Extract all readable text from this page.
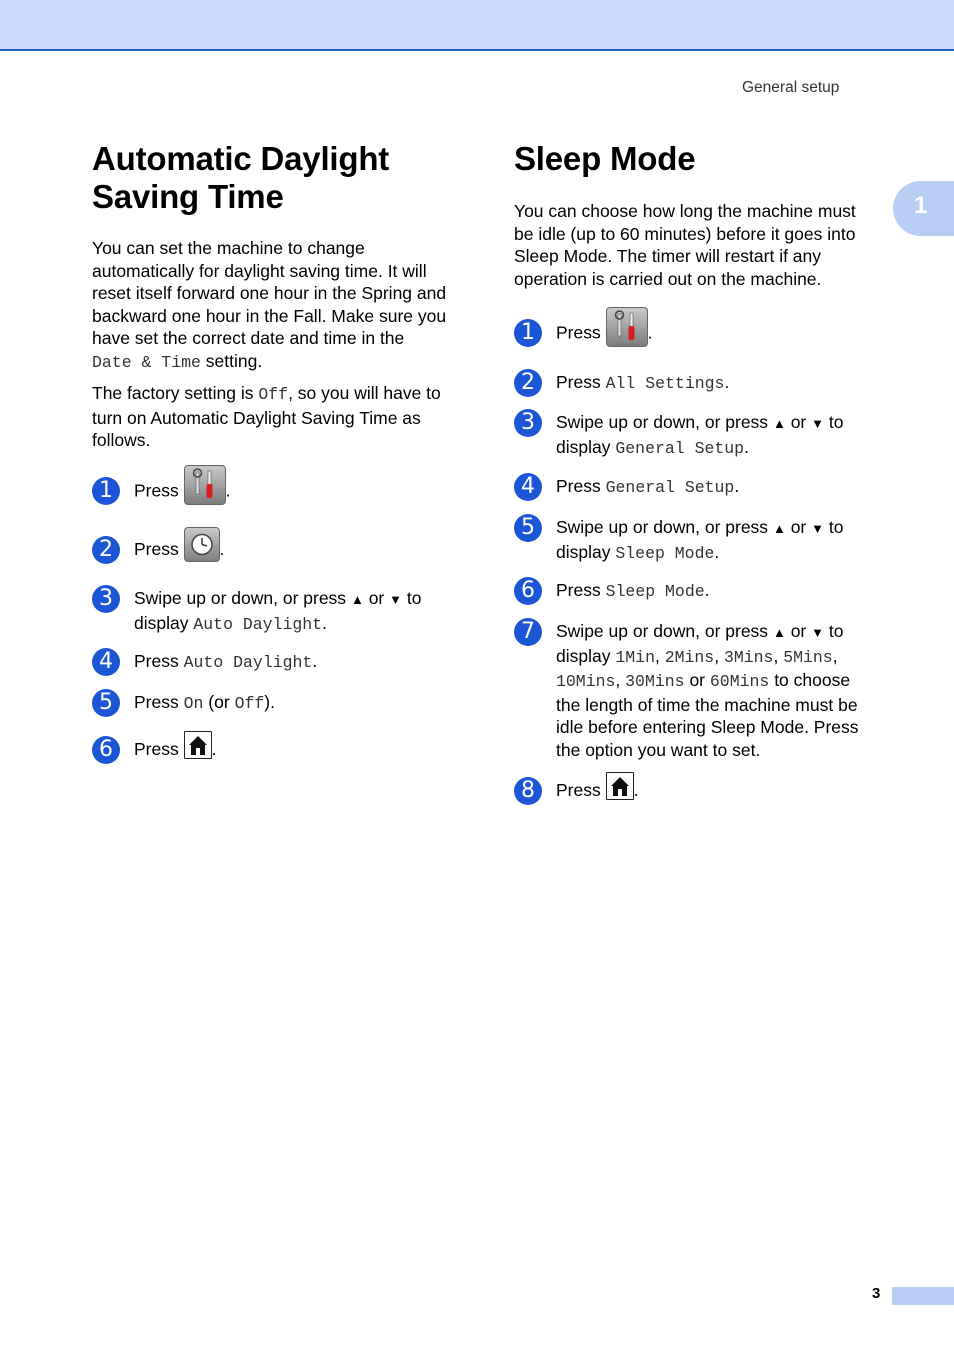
General setup
1
Automatic Daylight
Saving Time

You can set the machine to change
automatically for daylight saving time. It will
reset itself forward one hour in the Spring and
backward one hour in the Fall. Make sure you
have set the correct date and time in the
Date & Time setting.

The factory setting is Off, so you will have to
turn on Automatic Daylight Saving Time as
follows.

1	Press	.
2	Press .
3	Swipe up or down, or press ▲ or ▼ to
display Auto Daylight.
4	Press Auto Daylight.
5	Press On (or Off).
6	Press .
Sleep Mode

You can choose how long the machine must
be idle (up to 60 minutes) before it goes into
Sleep Mode. The timer will restart if any
operation is carried out on the machine.

1	Press	.
2	Press All Settings.
3	Swipe up or down, or press ▲ or ▼ to
display General Setup.
4	Press General Setup.
5	Swipe up or down, or press ▲ or ▼ to
display Sleep Mode.
6	Press Sleep Mode.
7	Swipe up or down, or press ▲ or ▼ to
display 1Min, 2Mins, 3Mins, 5Mins,
10Mins, 30Mins or 60Mins to choose
the length of time the machine must be
idle before entering Sleep Mode. Press
the option you want to set.
8	Press .
3
